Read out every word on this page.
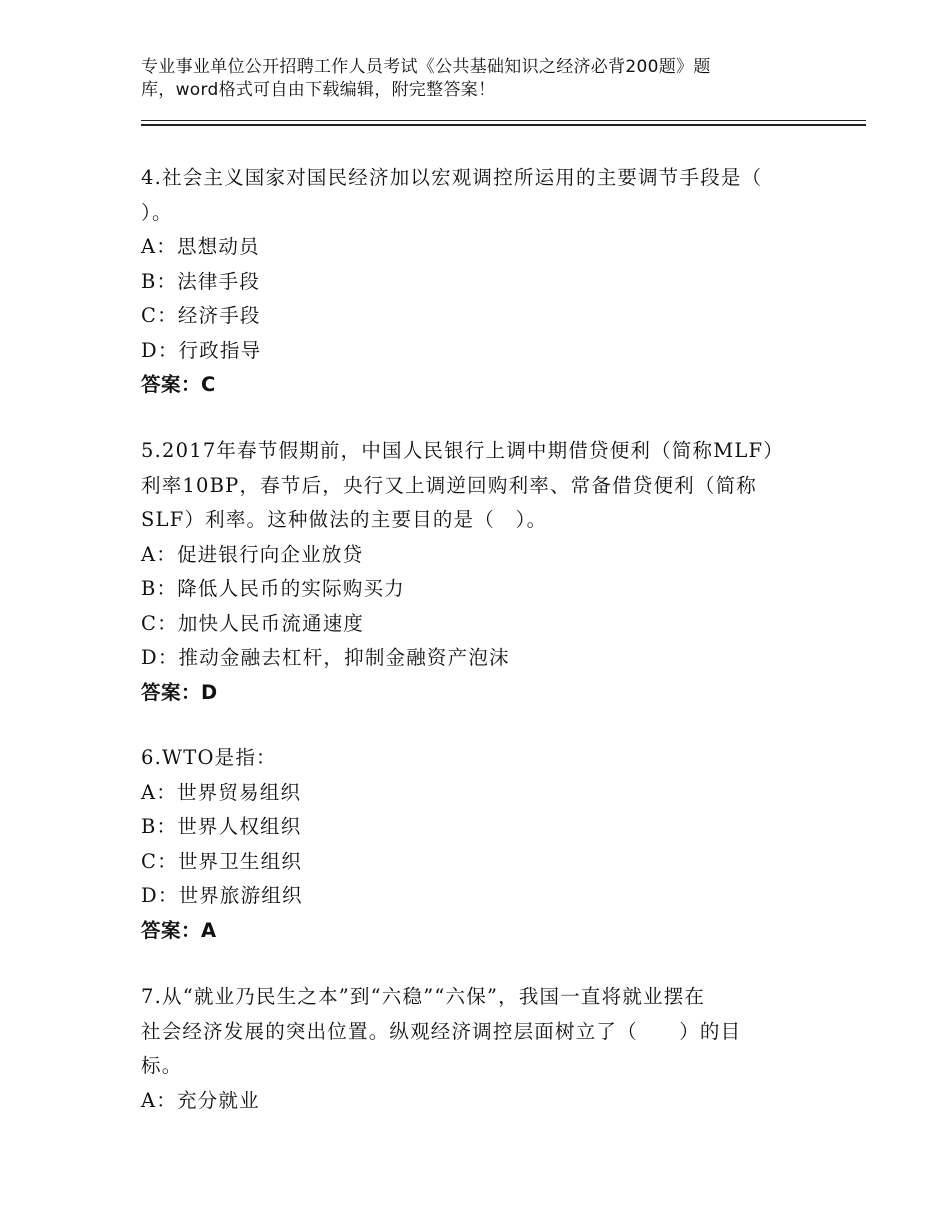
专业事业单位公开招聘工作人员考试《公共基础知识之经济必背200题》题
库，word格式可自由下载编辑，附完整答案！

4.社会主义国家对国民经济加以宏观调控所运用的主要调节手段是（

）。

A：思想动员

B：法律手段

C：经济手段

D：行政指导

答案：C

5.2017年春节假期前，中国人民银行上调中期借贷便利（简称MLF）

利率10BP，春节后，央行又上调逆回购利率、常备借贷便利（简称

SLF）利率。这种做法的主要目的是（　）。

A：促进银行向企业放贷

B：降低人民币的实际购买力

C：加快人民币流通速度

D：推动金融去杠杆，抑制金融资产泡沫

答案：D

6.WTO是指：

A：世界贸易组织

B：世界人权组织

C：世界卫生组织

D：世界旅游组织

答案：A

7.从“就业乃民生之本”到“六稳”“六保”，我国一直将就业摆在

社会经济发展的突出位置。纵观经济调控层面树立了（　　）的目

标。

A：充分就业
